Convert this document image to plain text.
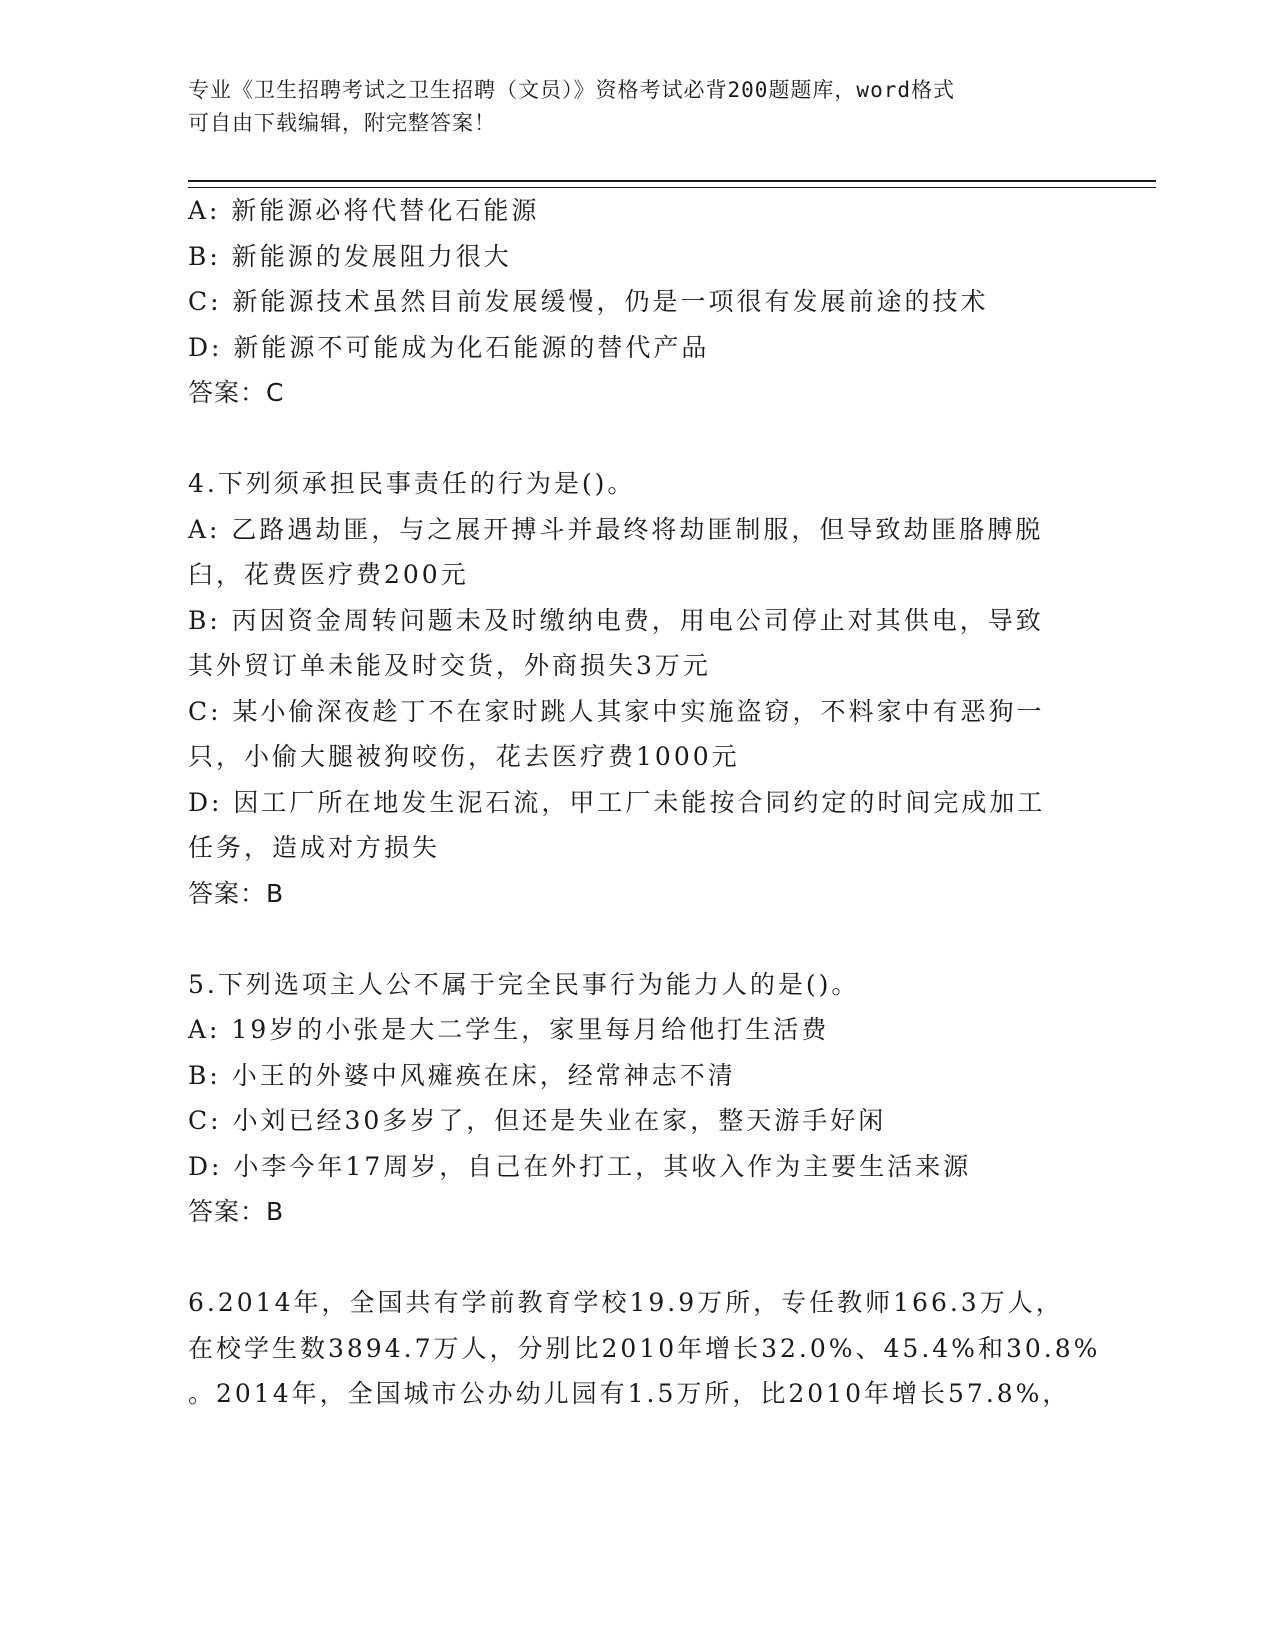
专业《卫生招聘考试之卫生招聘（文员）》资格考试必背200题题库，word格式
可自由下载编辑，附完整答案！
A: 新能源必将代替化石能源
B: 新能源的发展阻力很大
C: 新能源技术虽然目前发展缓慢，仍是一项很有发展前途的技术
D: 新能源不可能成为化石能源的替代产品
答案：C
4.下列须承担民事责任的行为是()。
A: 乙路遇劫匪，与之展开搏斗并最终将劫匪制服，但导致劫匪胳膊脱
臼，花费医疗费200元
B: 丙因资金周转问题未及时缴纳电费，用电公司停止对其供电，导致
其外贸订单未能及时交货，外商损失3万元
C: 某小偷深夜趁丁不在家时跳人其家中实施盗窃，不料家中有恶狗一
只，小偷大腿被狗咬伤，花去医疗费1000元
D: 因工厂所在地发生泥石流，甲工厂未能按合同约定的时间完成加工
任务，造成对方损失
答案：B
5.下列选项主人公不属于完全民事行为能力人的是()。
A: 19岁的小张是大二学生，家里每月给他打生活费
B: 小王的外婆中风瘫痪在床，经常神志不清
C: 小刘已经30多岁了，但还是失业在家，整天游手好闲
D: 小李今年17周岁，自己在外打工，其收入作为主要生活来源
答案：B
6.2014年，全国共有学前教育学校19.9万所，专任教师166.3万人，
在校学生数3894.7万人，分别比2010年增长32.0%、45.4%和30.8%
。2014年，全国城市公办幼儿园有1.5万所，比2010年增长57.8%，
